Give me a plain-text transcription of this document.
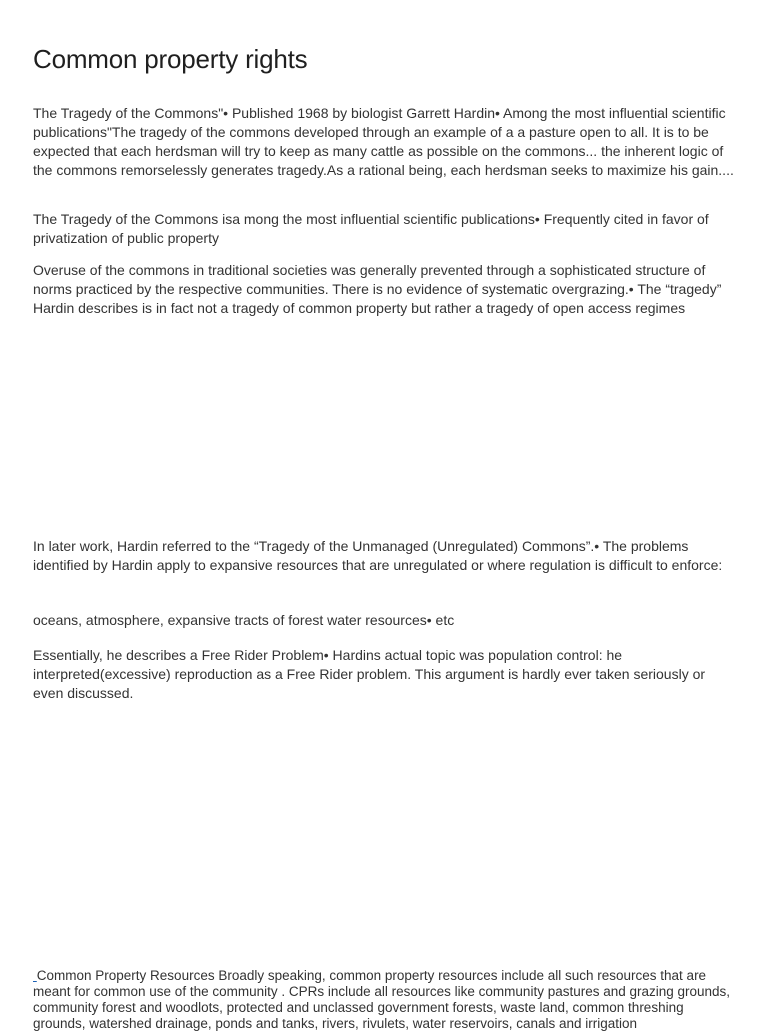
Common property rights

The Tragedy of the Commons"• Published 1968 by biologist Garrett Hardin• Among the most influential scientific publications"The tragedy of the commons developed through an example of a a pasture open to all. It is to be expected that each herdsman will try to keep as many cattle as possible on the commons... the inherent logic of the commons remorselessly generates tragedy.As a rational being, each herdsman seeks to maximize his gain....

The Tragedy of the Commons isa mong the most influential scientific publications• Frequently cited in favor of privatization of public property

Overuse of the commons in traditional societies was generally prevented through a sophisticated structure of norms practiced by the respective communities. There is no evidence of systematic overgrazing.• The “tragedy” Hardin describes is in fact not a tragedy of common property but rather a tragedy of open access regimes

In later work, Hardin referred to the “Tragedy of the Unmanaged (Unregulated) Commons”.• The problems identified by Hardin apply to expansive resources that are unregulated or where regulation is difficult to enforce:

oceans, atmosphere, expansive tracts of forest water resources• etc

Essentially, he describes a Free Rider Problem• Hardins actual topic was population control: he interpreted(excessive) reproduction as a Free Rider problem. This argument is hardly ever taken seriously or even discussed.

​ Common Property Resources Broadly speaking, common property resources include all such resources that are meant for common use of the community . CPRs include all resources like community pastures and grazing grounds, community forest and woodlots, protected and unclassed government forests, waste land, common threshing grounds, watershed drainage, ponds and tanks, rivers, rivulets, water reservoirs, canals and irrigation
